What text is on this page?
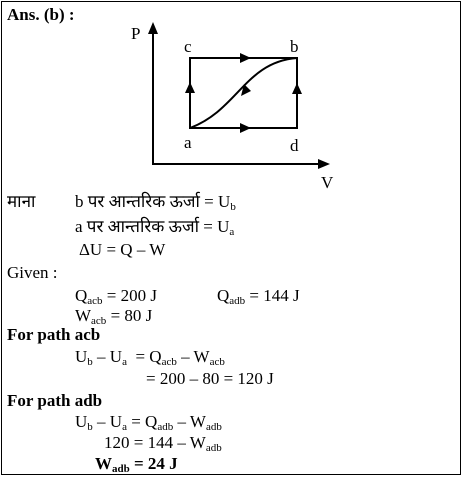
Ans. (b) :
P
V
c	b
a	d
माना b पर आन्तरिक ऊर्जा = $U_b$
a पर आन्तरिक ऊर्जा = $U_a$
ΔU = Q – W
Given :
$Q_{acb} = 200$ J	$Q_{adb} = 144$ J
$W_{acb} = 80$ J
For path acb
$U_b - U_a = Q_{acb} - W_{acb}$
= 200 – 80 = 120 J
For path adb
$U_b - U_a = Q_{adb} - W_{adb}$
$120 = 144 - W_{adb}$
$W_{adb} = 24$ J
